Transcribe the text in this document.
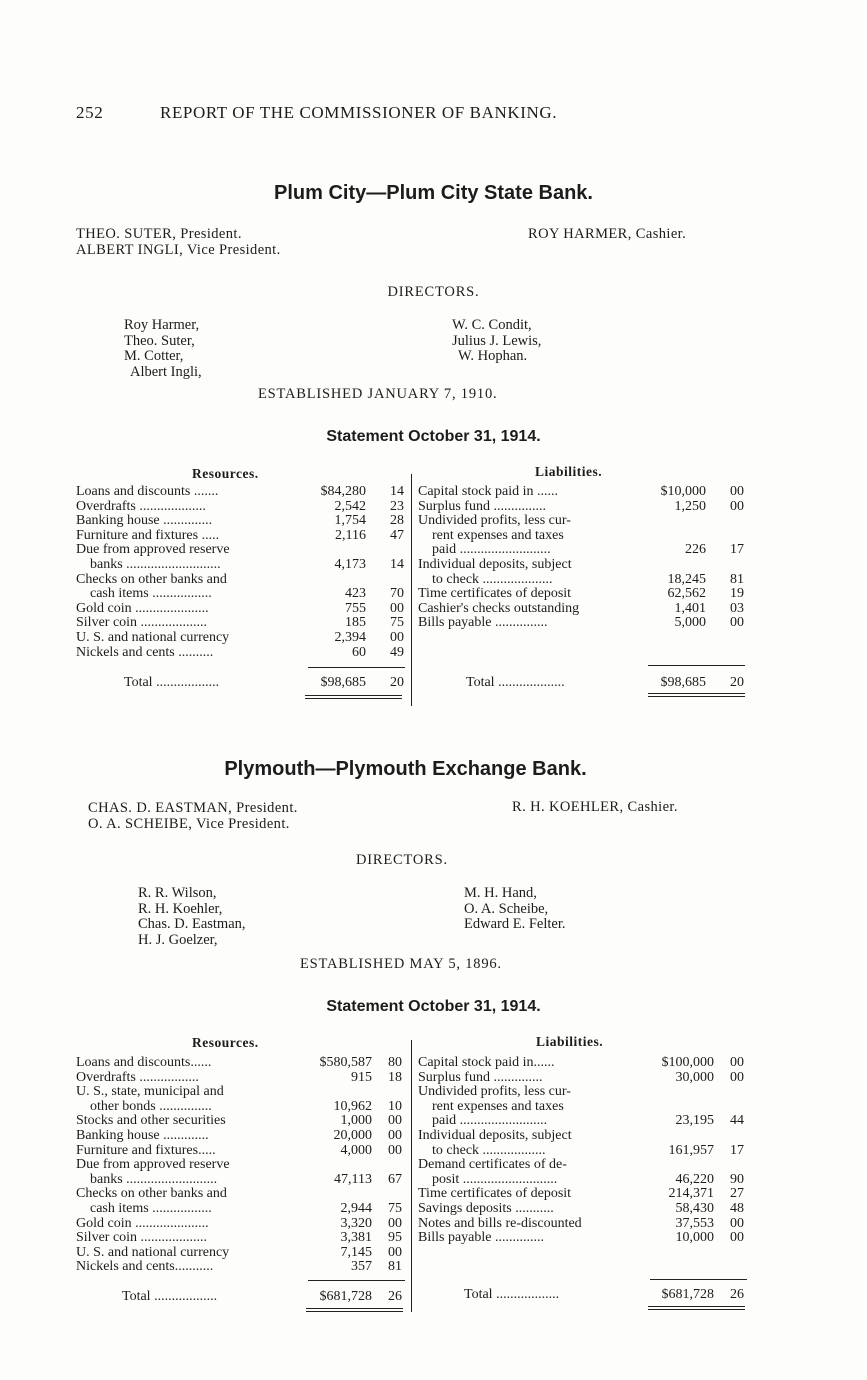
252	REPORT OF THE COMMISSIONER OF BANKING.
Plum City—Plum City State Bank.
THEO. SUTER, President.
ALBERT INGLI, Vice President.
ROY HARMER, Cashier.
DIRECTORS.
Roy Harmer,
Theo. Suter,
M. Cotter,
Albert Ingli,
W. C. Condit,
Julius J. Lewis,
W. Hophan.
ESTABLISHED JANUARY 7, 1910.
Statement October 31, 1914.
Resources.	Liabilities.
Loans and discounts .......	$84,280 14
Overdrafts ...................	2,542 23
Banking house ..............	1,754 28
Furniture and fixtures .....	2,116 47
Due from approved reserve
banks ...........................	4,173 14
Checks on other banks and
cash items .................	423 70
Gold coin .....................	755 00
Silver coin ...................	185 75
U. S. and national currency	2,394 00
Nickels and cents ..........	60 49
Capital stock paid in ......	$10,000 00
Surplus fund ...............	1,250 00
Undivided profits, less cur-
rent expenses and taxes
paid ..........................	226 17
Individual deposits, subject
to check ....................	18,245 81
Time certificates of deposit	62,562 19
Cashier's checks outstanding	1,401 03
Bills payable ...............	5,000 00
Total ..................	$98,685 20	Total ...................	$98,685 20
Plymouth—Plymouth Exchange Bank.
CHAS. D. EASTMAN, President.
O. A. SCHEIBE, Vice President.
R. H. KOEHLER, Cashier.
DIRECTORS.
R. R. Wilson,
R. H. Koehler,
Chas. D. Eastman,
H. J. Goelzer,
M. H. Hand,
O. A. Scheibe,
Edward E. Felter.
ESTABLISHED MAY 5, 1896.
Statement October 31, 1914.
Resources.	Liabilities.
Loans and discounts......	$580,587 80
Overdrafts .................	915 18
U. S., state, municipal and
other bonds ...............	10,962 10
Stocks and other securities	1,000 00
Banking house .............	20,000 00
Furniture and fixtures.....	4,000 00
Due from approved reserve
banks ..........................	47,113 67
Checks on other banks and
cash items .................	2,944 75
Gold coin .....................	3,320 00
Silver coin ...................	3,381 95
U. S. and national currency	7,145 00
Nickels and cents...........	357 81
Capital stock paid in......	$100,000 00
Surplus fund ..............	30,000 00
Undivided profits, less cur-
rent expenses and taxes
paid .........................	23,195 44
Individual deposits, subject
to check ..................	161,957 17
Demand certificates of de-
posit ...........................	46,220 90
Time certificates of deposit	214,371 27
Savings deposits ...........	58,430 48
Notes and bills re-discounted	37,553 00
Bills payable ..............	10,000 00
Total ..................	$681,728 26	Total ..................	$681,728 26
